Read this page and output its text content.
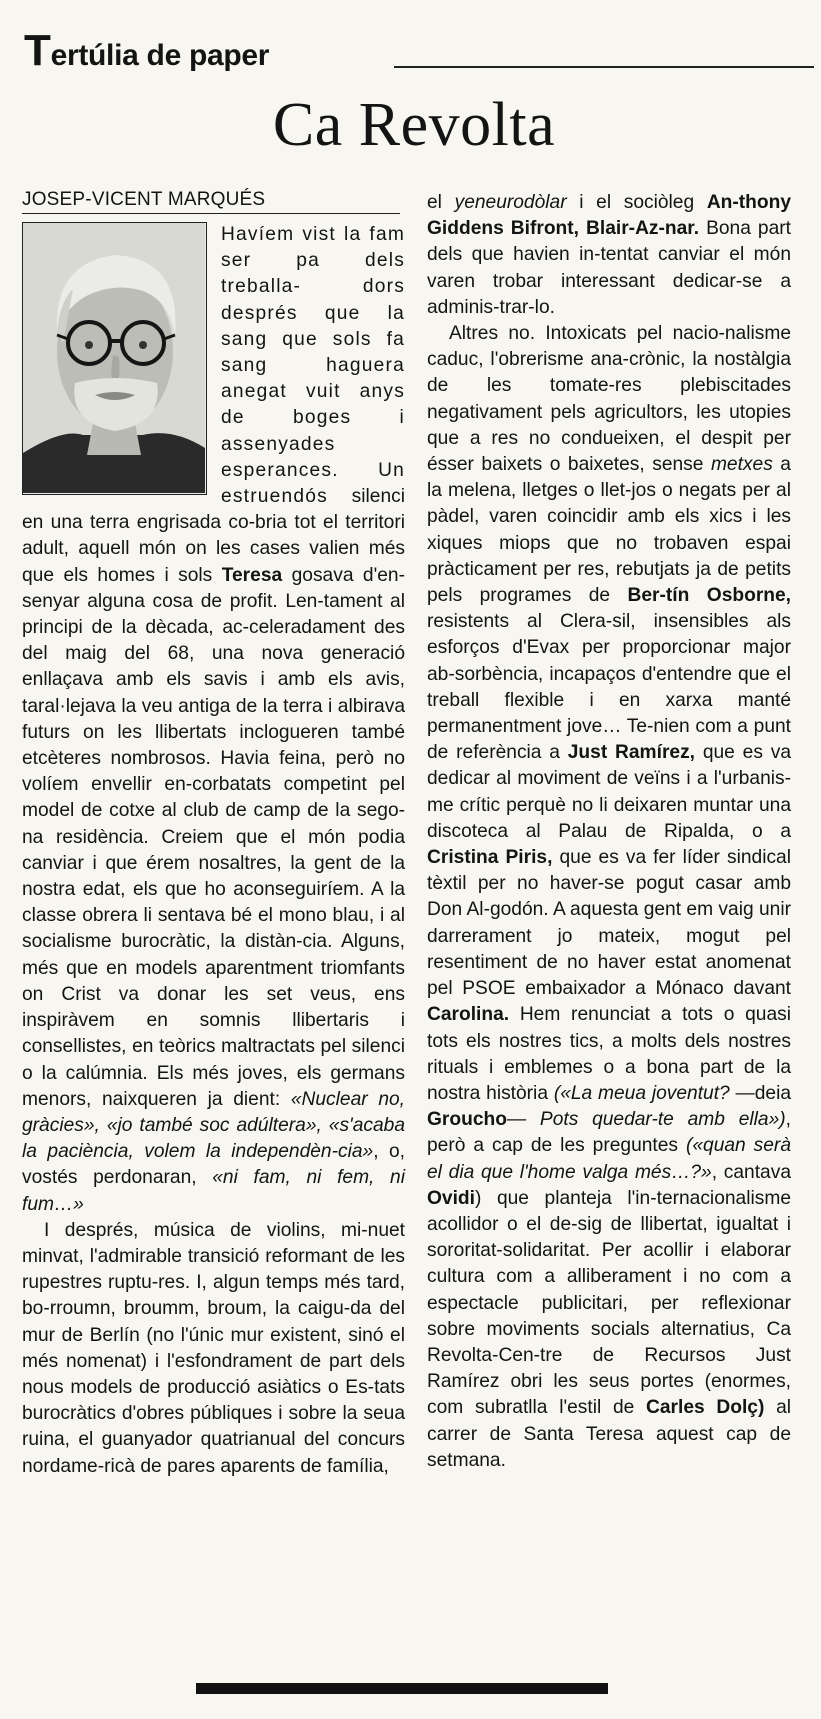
Tertúlia de paper
Ca Revolta
JOSEP-VICENT MARQUÉS

Havíem vist la fam ser pa dels treballa- dors després que la sang que sols fa sang haguera anegat vuit anys de boges i assenyades esperances. Un estruendós silenci en una terra engrisada co-bria tot el territori adult, aquell món on les cases valien més que els homes i sols Teresa gosava d'en-senyar alguna cosa de profit. Len-tament al principi de la dècada, ac-celeradament des del maig del 68, una nova generació enllaçava amb els savis i amb els avis, taral·lejava la veu antiga de la terra i albirava futurs on les llibertats inclogueren també etcèteres nombrosos. Havia feina, però no volíem envellir en-corbatats competint pel model de cotxe al club de camp de la sego-na residència. Creiem que el món podia canviar i que érem nosaltres, la gent de la nostra edat, els que ho aconseguiríem. A la classe obrera li sentava bé el mono blau, i al socialisme burocràtic, la distàn-cia. Alguns, més que en models aparentment triomfants on Crist va donar les set veus, ens inspiràvem en somnis llibertaris i consellistes, en teòrics maltractats pel silenci o la calúmnia. Els més joves, els germans menors, naixqueren ja dient: «Nuclear no, gràcies», «jo també soc adúltera», «s'acaba la paciència, volem la independèn-cia», o, vostés perdonaran, «ni fam, ni fem, ni fum…»

I després, música de violins, mi-nuet minvat, l'admirable transició reformant de les rupestres ruptu-res. I, algun temps més tard, bo-rroumn, broumm, broum, la caigu-da del mur de Berlín (no l'únic mur existent, sinó el més nomenat) i l'esfondrament de part dels nous models de producció asiàtics o Es-tats burocràtics d'obres públiques i sobre la seua ruina, el guanyador quatrianual del concurs nordame-ricà de pares aparents de família,

el yeneurodòlar i el sociòleg An-thony Giddens Bifront, Blair-Az-nar. Bona part dels que havien in-tentat canviar el món varen trobar interessant dedicar-se a adminis-trar-lo.

Altres no. Intoxicats pel nacio-nalisme caduc, l'obrerisme ana-crònic, la nostàlgia de les tomate-res plebiscitades negativament pels agricultors, les utopies que a res no condueixen, el despit per ésser baixets o baixetes, sense metxes a la melena, lletges o llet-jos o negats per al pàdel, varen coincidir amb els xics i les xiques miops que no trobaven espai pràcticament per res, rebutjats ja de petits pels programes de Ber-tín Osborne, resistents al Clera-sil, insensibles als esforços d'Evax per proporcionar major ab-sorbència, incapaços d'entendre que el treball flexible i en xarxa manté permanentment jove… Te-nien com a punt de referència a Just Ramírez, que es va dedicar al moviment de veïns i a l'urbanis-me crític perquè no li deixaren muntar una discoteca al Palau de Ripalda, o a Cristina Piris, que es va fer líder sindical tèxtil per no haver-se pogut casar amb Don Al-godón. A aquesta gent em vaig unir darrerament jo mateix, mogut pel resentiment de no haver estat anomenat pel PSOE embaixador a Mónaco davant Carolina. Hem renunciat a tots o quasi tots els nostres tics, a molts dels nostres rituals i emblemes o a bona part de la nostra història («La meua joventut? —deia Groucho— Pots quedar-te amb ella»), però a cap de les preguntes («quan serà el dia que l'home valga més…?», cantava Ovidi) que planteja l'in-ternacionalisme acollidor o el de-sig de llibertat, igualtat i sororitat-solidaritat. Per acollir i elaborar cultura com a alliberament i no com a espectacle publicitari, per reflexionar sobre moviments socials alternatius, Ca Revolta-Cen-tre de Recursos Just Ramírez obri les seus portes (enormes, com subratlla l'estil de Carles Dolç) al carrer de Santa Teresa aquest cap de setmana.
